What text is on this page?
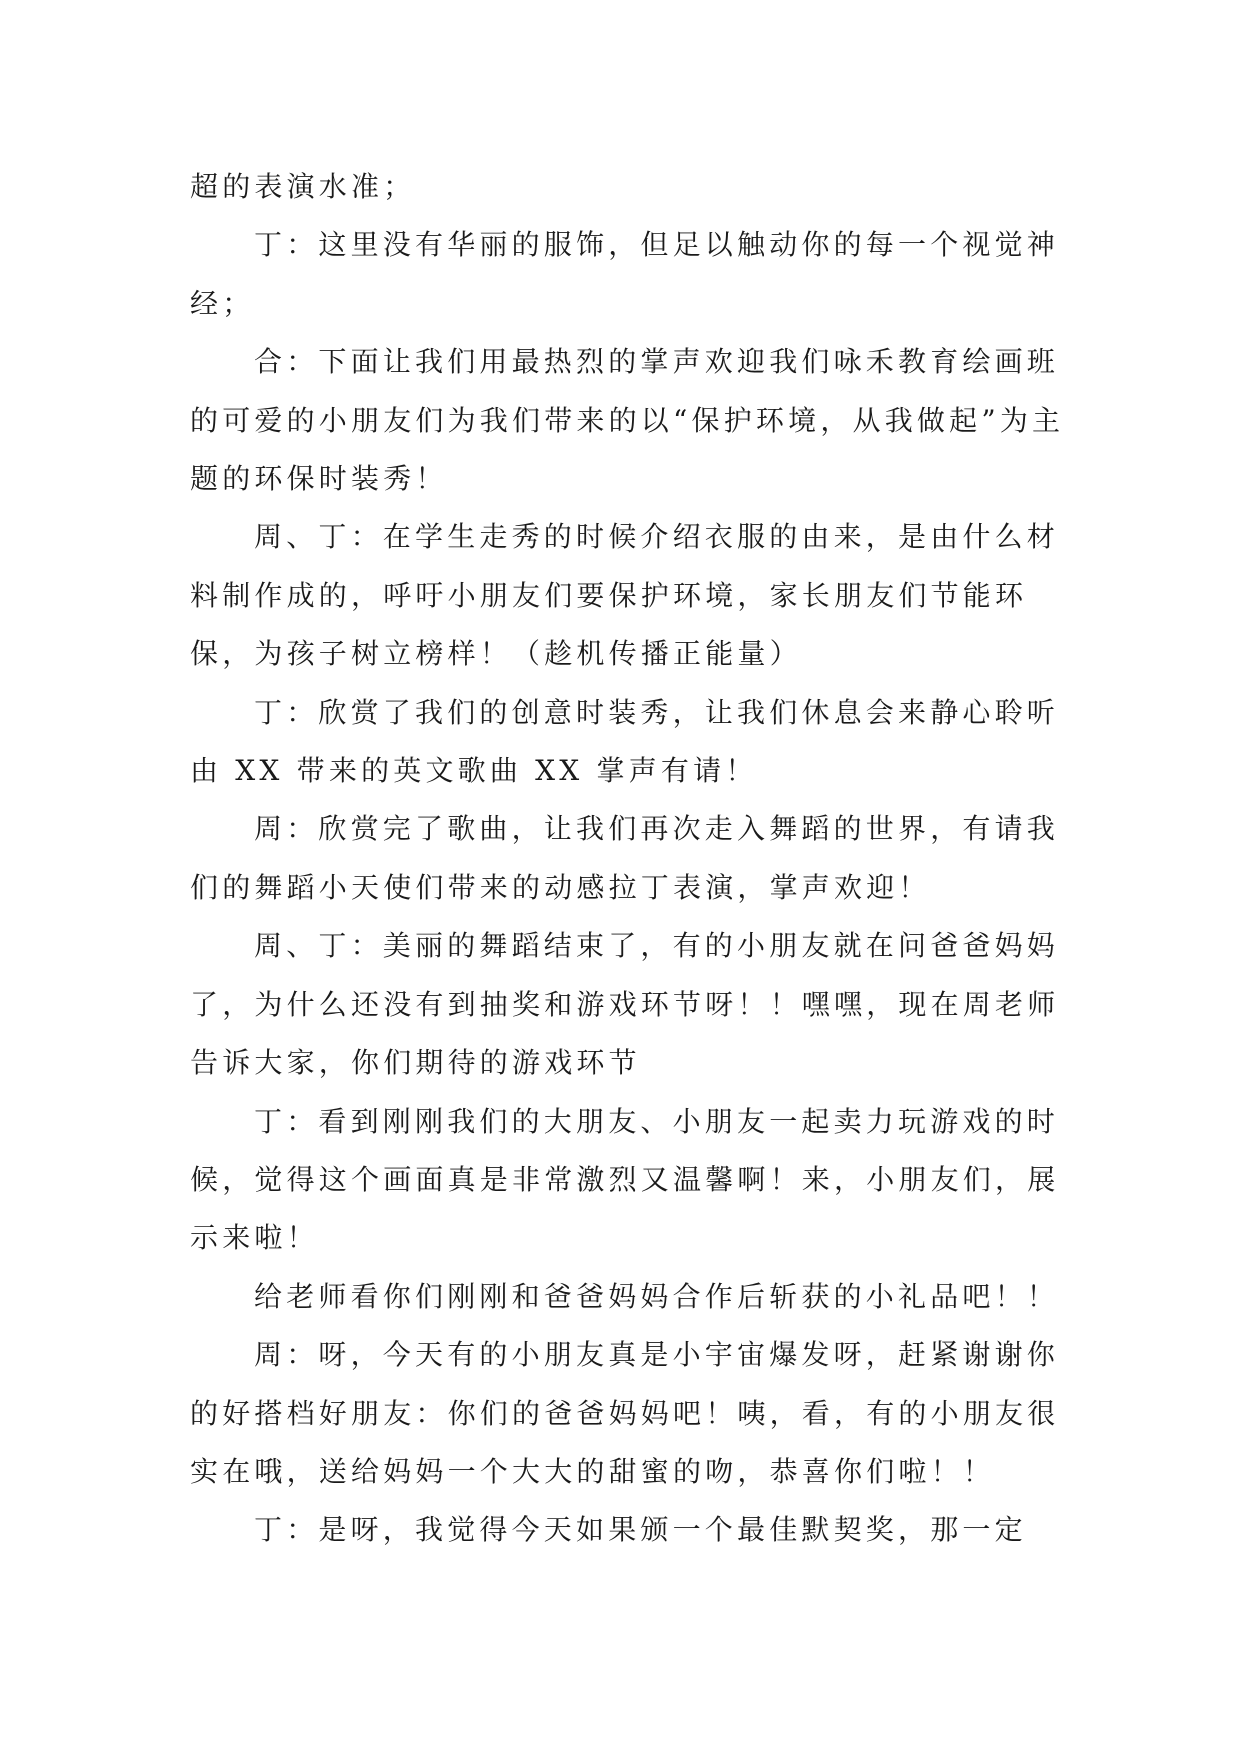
超的表演水准；

丁：这里没有华丽的服饰，但足以触动你的每一个视觉神经；

合：下面让我们用最热烈的掌声欢迎我们咏禾教育绘画班的可爱的小朋友们为我们带来的以“保护环境，从我做起”为主题的环保时装秀！

周、丁：在学生走秀的时候介绍衣服的由来，是由什么材料制作成的，呼吁小朋友们要保护环境，家长朋友们节能环保，为孩子树立榜样！（趁机传播正能量）

丁：欣赏了我们的创意时装秀，让我们休息会来静心聆听由 XX 带来的英文歌曲 XX 掌声有请！

周：欣赏完了歌曲，让我们再次走入舞蹈的世界，有请我们的舞蹈小天使们带来的动感拉丁表演，掌声欢迎！

周、丁：美丽的舞蹈结束了，有的小朋友就在问爸爸妈妈了，为什么还没有到抽奖和游戏环节呀！！嘿嘿，现在周老师告诉大家，你们期待的游戏环节

丁：看到刚刚我们的大朋友、小朋友一起卖力玩游戏的时候，觉得这个画面真是非常激烈又温馨啊！来，小朋友们，展示来啦！

给老师看你们刚刚和爸爸妈妈合作后斩获的小礼品吧！！

周：呀，今天有的小朋友真是小宇宙爆发呀，赶紧谢谢你的好搭档好朋友：你们的爸爸妈妈吧！咦，看，有的小朋友很实在哦，送给妈妈一个大大的甜蜜的吻，恭喜你们啦！！

丁：是呀，我觉得今天如果颁一个最佳默契奖，那一定
